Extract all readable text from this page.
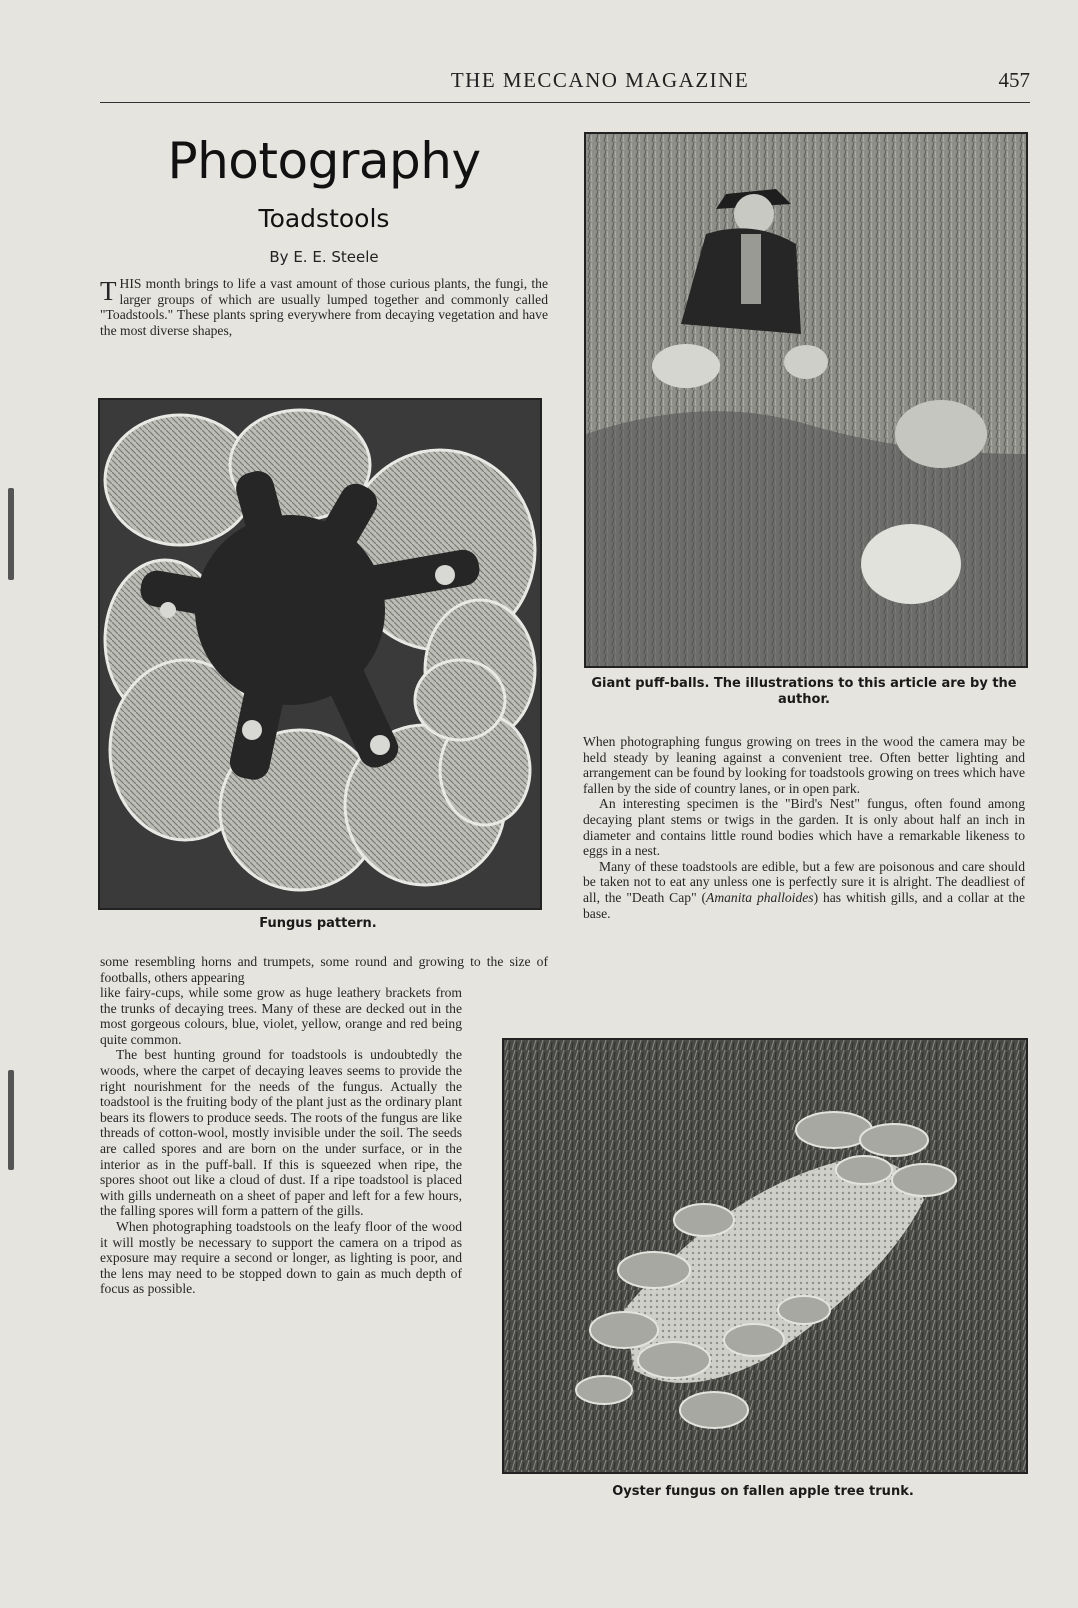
THE MECCANO MAGAZINE	457
Photography
Toadstools
By E. E. Steele

THIS month brings to life a vast amount of those curious plants, the fungi, the larger groups of which are usually lumped together and commonly called "Toadstools." These plants spring everywhere from decaying vegetation and have the most diverse shapes,

Fungus pattern.

some resembling horns and trumpets, some round and growing to the size of footballs, others appearing

like fairy-cups, while some grow as huge leathery brackets from the trunks of decaying trees. Many of these are decked out in the most gorgeous colours, blue, violet, yellow, orange and red being quite common.

The best hunting ground for toadstools is undoubtedly the woods, where the carpet of decaying leaves seems to provide the right nourishment for the needs of the fungus. Actually the toadstool is the fruiting body of the plant just as the ordinary plant bears its flowers to produce seeds. The roots of the fungus are like threads of cotton-wool, mostly invisible under the soil. The seeds are called spores and are born on the under surface, or in the interior as in the puff-ball. If this is squeezed when ripe, the spores shoot out like a cloud of dust. If a ripe toadstool is placed with gills underneath on a sheet of paper and left for a few hours, the falling spores will form a pattern of the gills.

When photographing toadstools on the leafy floor of the wood it will mostly be necessary to support the camera on a tripod as exposure may require a second or longer, as lighting is poor, and the lens may need to be stopped down to gain as much depth of focus as possible.

Giant puff-balls. The illustrations to this article are by the author.

When photographing fungus growing on trees in the wood the camera may be held steady by leaning against a convenient tree. Often better lighting and arrangement can be found by looking for toadstools growing on trees which have fallen by the side of country lanes, or in open park.

An interesting specimen is the "Bird's Nest" fungus, often found among decaying plant stems or twigs in the garden. It is only about half an inch in diameter and contains little round bodies which have a remarkable likeness to eggs in a nest.

Many of these toadstools are edible, but a few are poisonous and care should be taken not to eat any unless one is perfectly sure it is alright. The deadliest of all, the "Death Cap" (Amanita phalloides) has whitish gills, and a collar at the base.

Oyster fungus on fallen apple tree trunk.
